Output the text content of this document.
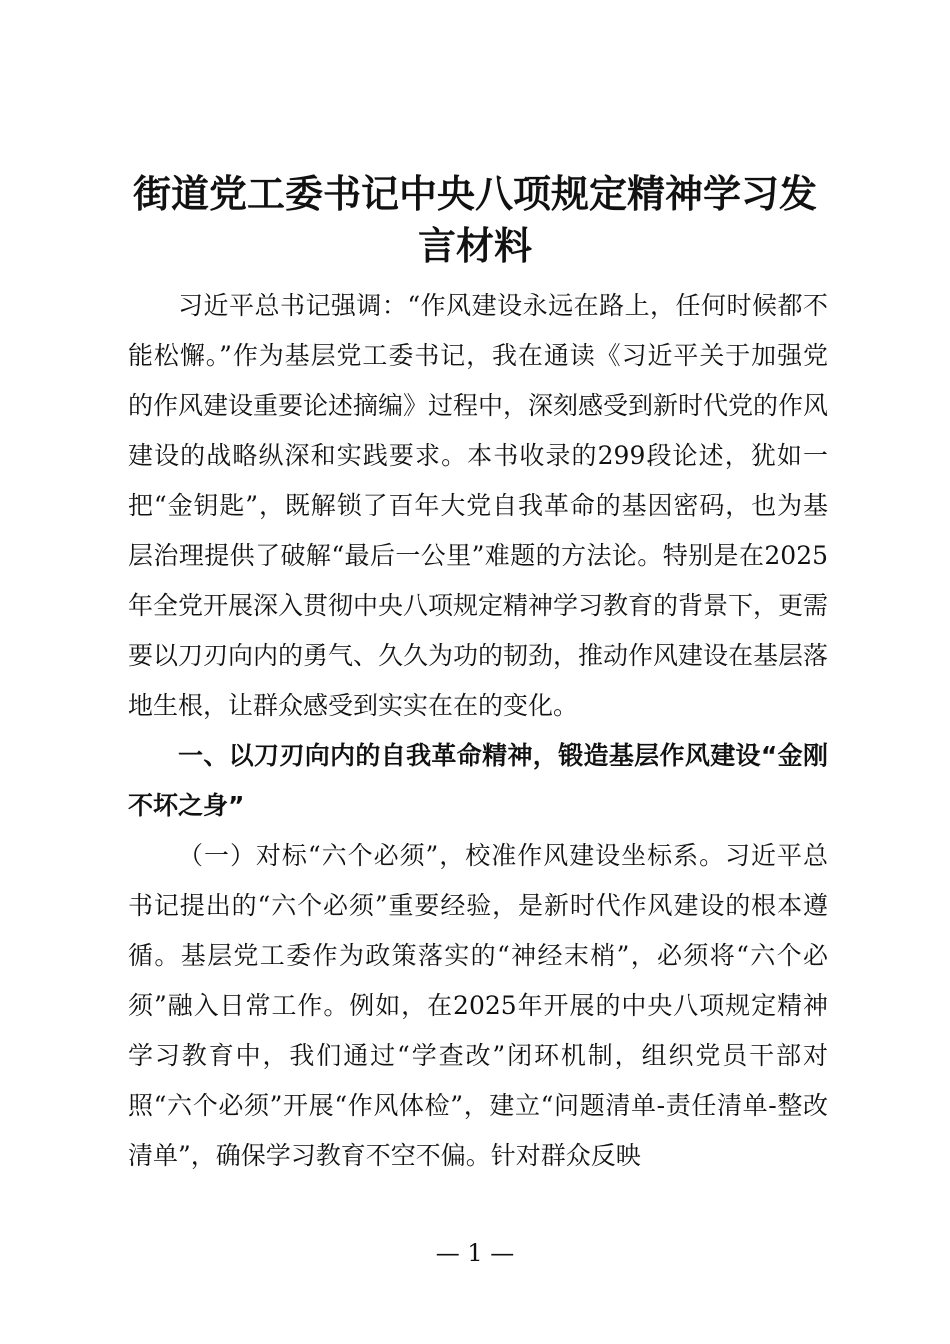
街道党工委书记中央八项规定精神学习发言材料

习近平总书记强调：“作风建设永远在路上，任何时候都不能松懈。”作为基层党工委书记，我在通读《习近平关于加强党的作风建设重要论述摘编》过程中，深刻感受到新时代党的作风建设的战略纵深和实践要求。本书收录的299段论述，犹如一把“金钥匙”，既解锁了百年大党自我革命的基因密码，也为基层治理提供了破解“最后一公里”难题的方法论。特别是在2025年全党开展深入贯彻中央八项规定精神学习教育的背景下，更需要以刀刃向内的勇气、久久为功的韧劲，推动作风建设在基层落地生根，让群众感受到实实在在的变化。

一、以刀刃向内的自我革命精神，锻造基层作风建设“金刚不坏之身”

（一）对标“六个必须”，校准作风建设坐标系。习近平总书记提出的“六个必须”重要经验，是新时代作风建设的根本遵循。基层党工委作为政策落实的“神经末梢”，必须将“六个必须”融入日常工作。例如，在2025年开展的中央八项规定精神学习教育中，我们通过“学查改”闭环机制，组织党员干部对照“六个必须”开展“作风体检”，建立“问题清单-责任清单-整改清单”，确保学习教育不空不偏。针对群众反映

— 1 —
